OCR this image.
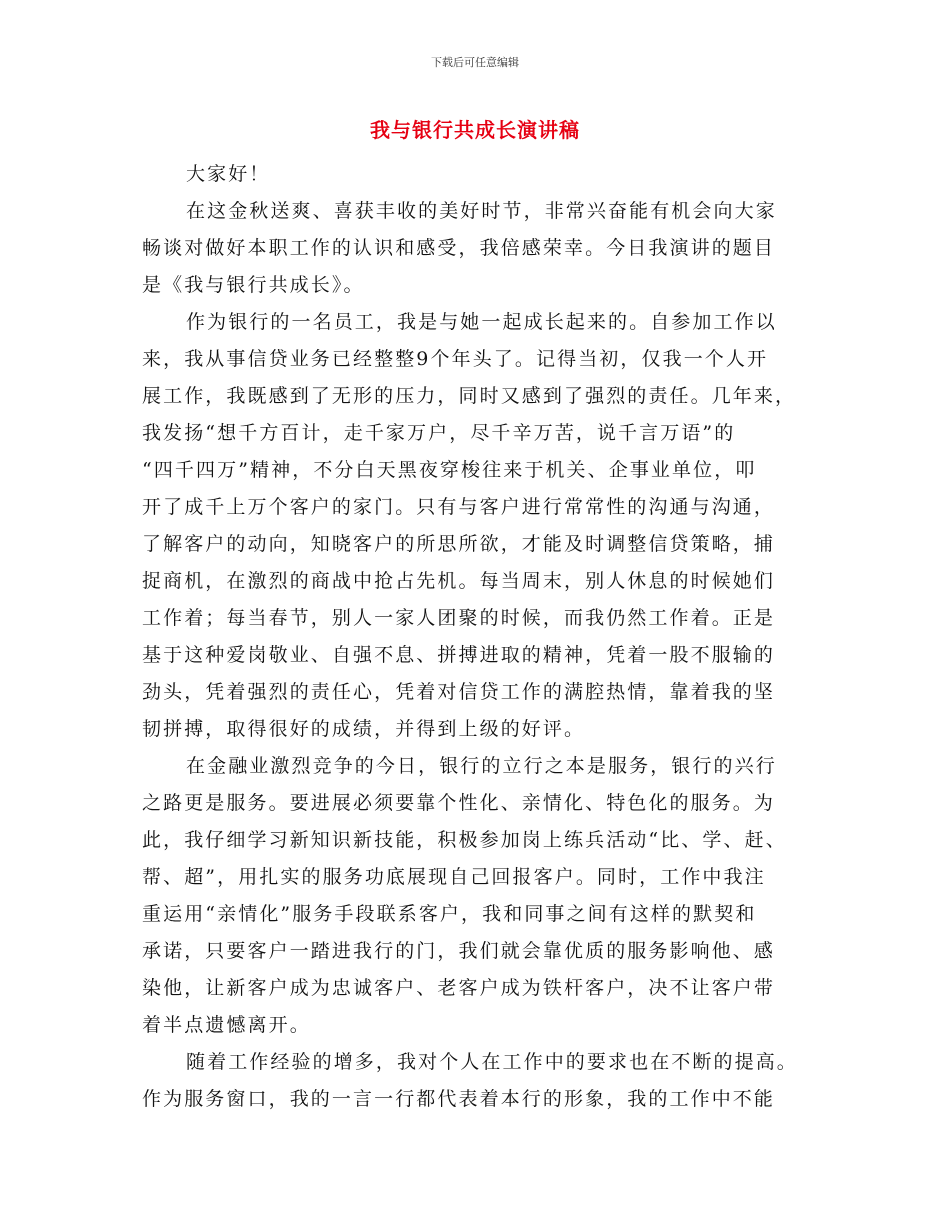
下载后可任意编辑
我与银行共成长演讲稿
大家好！
在这金秋送爽、喜获丰收的美好时节，非常兴奋能有机会向大家
畅谈对做好本职工作的认识和感受，我倍感荣幸。今日我演讲的题目
是《我与银行共成长》。
作为银行的一名员工，我是与她一起成长起来的。自参加工作以
来，我从事信贷业务已经整整9个年头了。记得当初，仅我一个人开
展工作，我既感到了无形的压力，同时又感到了强烈的责任。几年来，
我发扬“想千方百计，走千家万户，尽千辛万苦，说千言万语”的
“四千四万”精神，不分白天黑夜穿梭往来于机关、企事业单位，叩
开了成千上万个客户的家门。只有与客户进行常常性的沟通与沟通，
了解客户的动向，知晓客户的所思所欲，才能及时调整信贷策略，捕
捉商机，在激烈的商战中抢占先机。每当周末，别人休息的时候她们
工作着；每当春节，别人一家人团聚的时候，而我仍然工作着。正是
基于这种爱岗敬业、自强不息、拼搏进取的精神，凭着一股不服输的
劲头，凭着强烈的责任心，凭着对信贷工作的满腔热情，靠着我的坚
韧拼搏，取得很好的成绩，并得到上级的好评。
在金融业激烈竞争的今日，银行的立行之本是服务，银行的兴行
之路更是服务。要进展必须要靠个性化、亲情化、特色化的服务。为
此，我仔细学习新知识新技能，积极参加岗上练兵活动“比、学、赶、
帮、超”，用扎实的服务功底展现自己回报客户。同时，工作中我注
重运用“亲情化”服务手段联系客户，我和同事之间有这样的默契和
承诺，只要客户一踏进我行的门，我们就会靠优质的服务影响他、感
染他，让新客户成为忠诚客户、老客户成为铁杆客户，决不让客户带
着半点遗憾离开。
随着工作经验的增多，我对个人在工作中的要求也在不断的提高。
作为服务窗口，我的一言一行都代表着本行的形象，我的工作中不能
